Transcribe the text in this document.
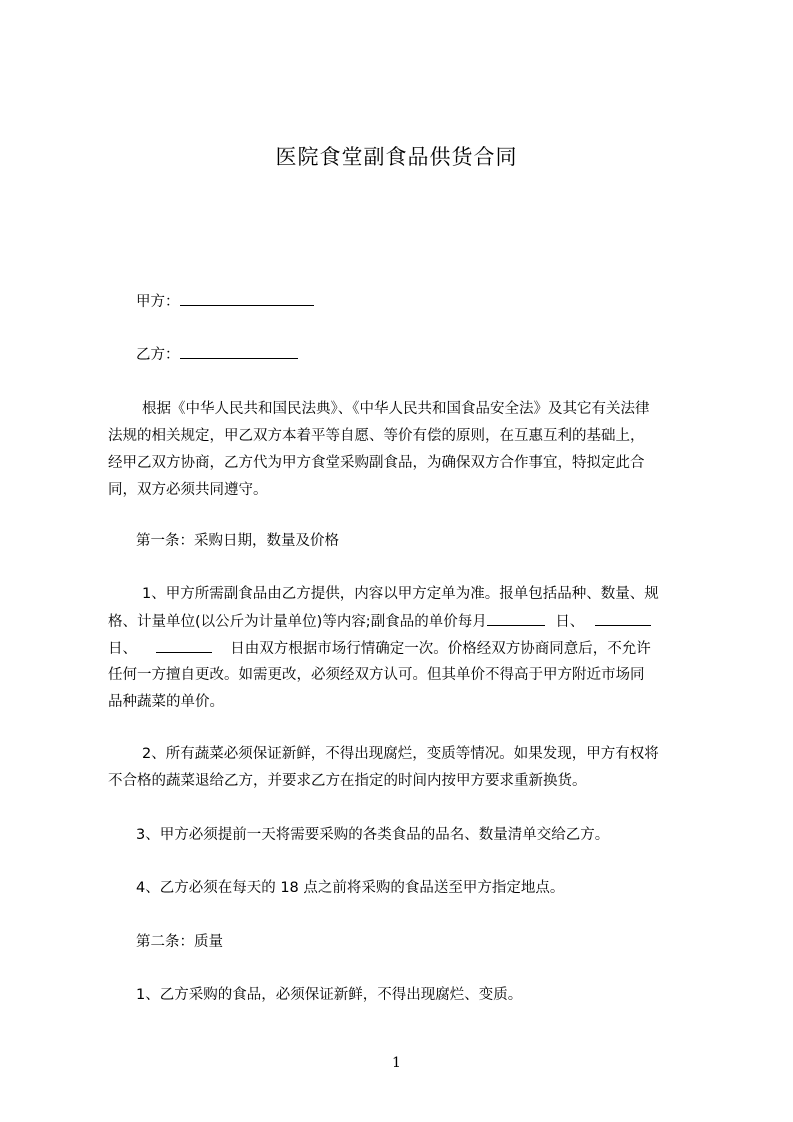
医院食堂副食品供货合同
甲方：
乙方：
根据《中华人民共和国民法典》、《中华人民共和国食品安全法》及其它有关法律
法规的相关规定，甲乙双方本着平等自愿、等价有偿的原则，在互惠互利的基础上，
经甲乙双方协商，乙方代为甲方食堂采购副食品，为确保双方合作事宜，特拟定此合
同，双方必须共同遵守。
第一条：采购日期，数量及价格
1、甲方所需副食品由乙方提供，内容以甲方定单为准。报单包括品种、数量、规
格、计量单位(以公斤为计量单位)等内容;副食品的单价每月	日、
日、	日由双方根据市场行情确定一次。价格经双方协商同意后，不允许
任何一方擅自更改。如需更改，必须经双方认可。但其单价不得高于甲方附近市场同
品种蔬菜的单价。
2、所有蔬菜必须保证新鲜，不得出现腐烂，变质等情况。如果发现，甲方有权将
不合格的蔬菜退给乙方，并要求乙方在指定的时间内按甲方要求重新换货。
3、甲方必须提前一天将需要采购的各类食品的品名、数量清单交给乙方。
4、乙方必须在每天的 18 点之前将采购的食品送至甲方指定地点。
第二条：质量
1、乙方采购的食品，必须保证新鲜，不得出现腐烂、变质。
1
